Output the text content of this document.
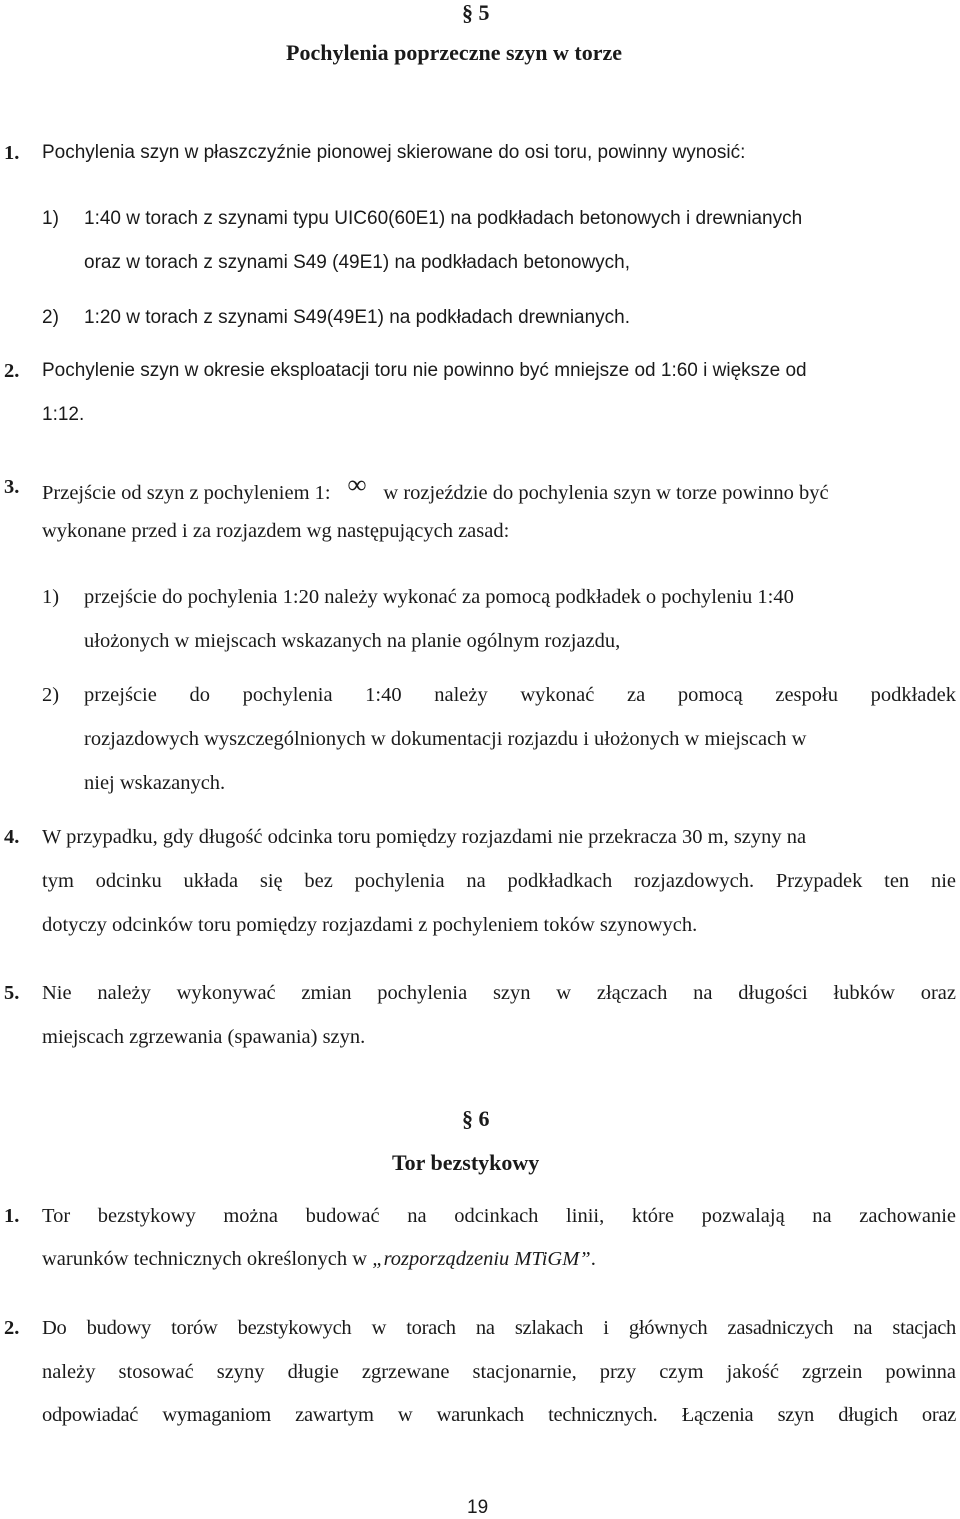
§ 5
Pochylenia poprzeczne szyn w torze
1. Pochylenia szyn w płaszczyźnie pionowej skierowane do osi toru, powinny wynosić:
1) 1:40 w torach z szynami typu UIC60(60E1) na podkładach betonowych i drewnianych
oraz w torach z szynami S49 (49E1) na podkładach betonowych,
2) 1:20 w torach z szynami S49(49E1) na podkładach drewnianych.
2. Pochylenie szyn w okresie eksploatacji toru nie powinno być mniejsze od 1:60 i większe od
1:12.
3. Przejście od szyn z pochyleniem 1: ∞ w rozjeździe do pochylenia szyn w torze powinno być
wykonane przed i za rozjazdem wg następujących zasad:
1) przejście do pochylenia 1:20 należy wykonać za pomocą podkładek o pochyleniu 1:40
ułożonych w miejscach wskazanych na planie ogólnym rozjazdu,
2) przejście do pochylenia 1:40 należy wykonać za pomocą zespołu podkładek
rozjazdowych wyszczególnionych w dokumentacji rozjazdu i ułożonych w miejscach w
niej wskazanych.
4. W przypadku, gdy długość odcinka toru pomiędzy rozjazdami nie przekracza 30 m, szyny na
tym odcinku układa się bez pochylenia na podkładkach rozjazdowych. Przypadek ten nie
dotyczy odcinków toru pomiędzy rozjazdami z pochyleniem toków szynowych.
5. Nie należy wykonywać zmian pochylenia szyn w złączach na długości łubków oraz
miejscach zgrzewania (spawania) szyn.
§ 6
Tor bezstykowy
1. Tor bezstykowy można budować na odcinkach linii, które pozwalają na zachowanie
warunków technicznych określonych w „rozporządzeniu MTiGM”.
2. Do budowy torów bezstykowych w torach na szlakach i głównych zasadniczych na stacjach
należy stosować szyny długie zgrzewane stacjonarnie, przy czym jakość zgrzein powinna
odpowiadać wymaganiom zawartym w warunkach technicznych. Łączenia szyn długich oraz
19
